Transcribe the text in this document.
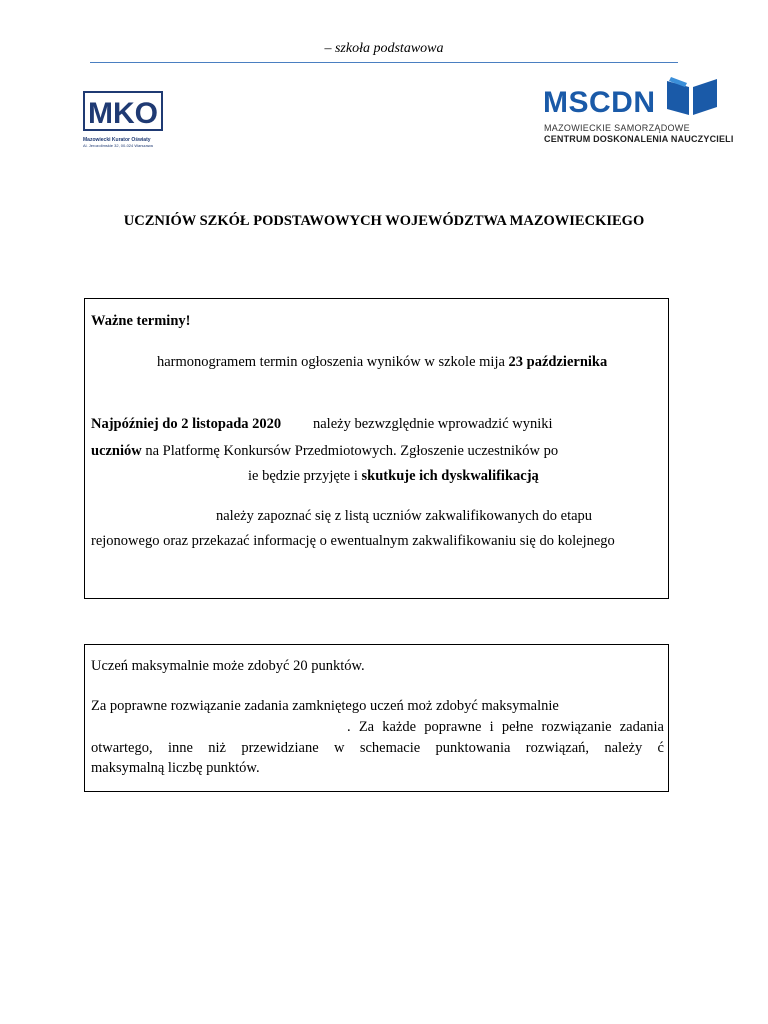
– szkoła podstawowa
MKO
Mazowiecki Kurator Oświaty
Al. Jerozolimskie 32, 00-024 Warszawa
MSCDN
MAZOWIECKIE SAMORZĄDOWE
CENTRUM DOSKONALENIA NAUCZYCIELI
UCZNIÓW SZKÓŁ PODSTAWOWYCH WOJEWÓDZTWA MAZOWIECKIEGO
Ważne terminy!
harmonogramem termin ogłoszenia wyników w szkole mija 23 października
Najpóźniej do 2 listopada 2020 należy bezwzględnie wprowadzić wyniki
uczniów na Platformę Konkursów Przedmiotowych. Zgłoszenie uczestników po
ie będzie przyjęte i skutkuje ich dyskwalifikacją
należy zapoznać się z listą uczniów zakwalifikowanych do etapu
rejonowego oraz przekazać informację o ewentualnym zakwalifikowaniu się do kolejnego
Uczeń maksymalnie może zdobyć 20 punktów.
Za poprawne rozwiązanie zadania zamkniętego uczeń moż zdobyć maksymalnie
. Za każde poprawne i pełne rozwiązanie zadania
otwartego, inne niż przewidziane w schemacie punktowania rozwiązań, należy ć
maksymalną liczbę punktów.
